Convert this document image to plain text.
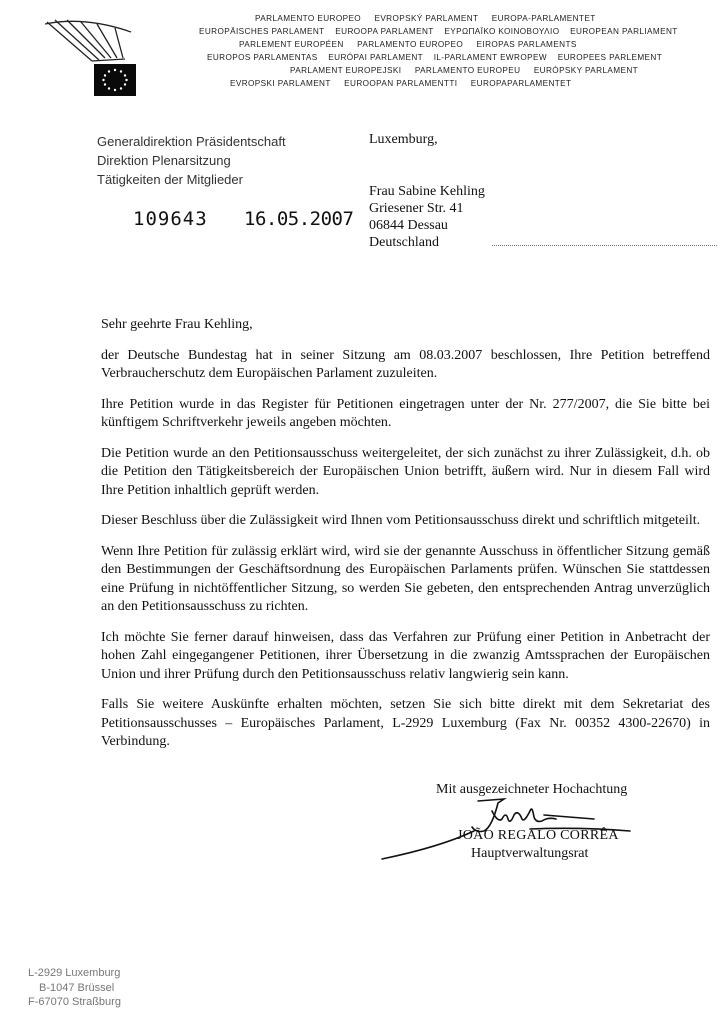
PARLAMENTO EUROPEO EVROPSKÝ PARLAMENT EUROPA-PARLAMENTET
EUROPÄISCHES PARLAMENT EUROOPA PARLAMENT ΕΥΡΩΠΑΪΚΟ ΚΟΙΝΟΒΟΥΛΙΟ EUROPEAN PARLIAMENT
PARLEMENT EUROPÉEN PARLAMENTO EUROPEO EIROPAS PARLAMENTS
EUROPOS PARLAMENTAS EURÓPAI PARLAMENT IL-PARLAMENT EWROPEW EUROPEES PARLEMENT
PARLAMENT EUROPEJSKI PARLAMENTO EUROPEU EURÓPSKY PARLAMENT
EVROPSKI PARLAMENT EUROOPAN PARLAMENTTI EUROPAPARLAMENTET
Generaldirektion Präsidentschaft
Direktion Plenarsitzung
Tätigkeiten der Mitglieder
Luxemburg,
109643 16.05.2007
Frau Sabine Kehling
Griesener Str. 41
06844 Dessau
Deutschland

Sehr geehrte Frau Kehling,

der Deutsche Bundestag hat in seiner Sitzung am 08.03.2007 beschlossen, Ihre Petition betreffend Verbraucherschutz dem Europäischen Parlament zuzuleiten.

Ihre Petition wurde in das Register für Petitionen eingetragen unter der Nr. 277/2007, die Sie bitte bei künftigem Schriftverkehr jeweils angeben möchten.

Die Petition wurde an den Petitionsausschuss weitergeleitet, der sich zunächst zu ihrer Zulässigkeit, d.h. ob die Petition den Tätigkeitsbereich der Europäischen Union betrifft, äußern wird. Nur in diesem Fall wird Ihre Petition inhaltlich geprüft werden.

Dieser Beschluss über die Zulässigkeit wird Ihnen vom Petitionsausschuss direkt und schriftlich mitgeteilt.

Wenn Ihre Petition für zulässig erklärt wird, wird sie der genannte Ausschuss in öffentlicher Sitzung gemäß den Bestimmungen der Geschäftsordnung des Europäischen Parlaments prüfen. Wünschen Sie stattdessen eine Prüfung in nichtöffentlicher Sitzung, so werden Sie gebeten, den entsprechenden Antrag unverzüglich an den Petitionsausschuss zu richten.

Ich möchte Sie ferner darauf hinweisen, dass das Verfahren zur Prüfung einer Petition in Anbetracht der hohen Zahl eingegangener Petitionen, ihrer Übersetzung in die zwanzig Amtssprachen der Europäischen Union und ihrer Prüfung durch den Petitionsausschuss relativ langwierig sein kann.

Falls Sie weitere Auskünfte erhalten möchten, setzen Sie sich bitte direkt mit dem Sekretariat des Petitionsausschusses – Europäisches Parlament, L-2929 Luxemburg (Fax Nr. 00352 4300-22670) in Verbindung.

Mit ausgezeichneter Hochachtung
JOÃO REGALO CORRÊA
Hauptverwaltungsrat
L-2929 Luxemburg
B-1047 Brüssel
F-67070 Straßburg
